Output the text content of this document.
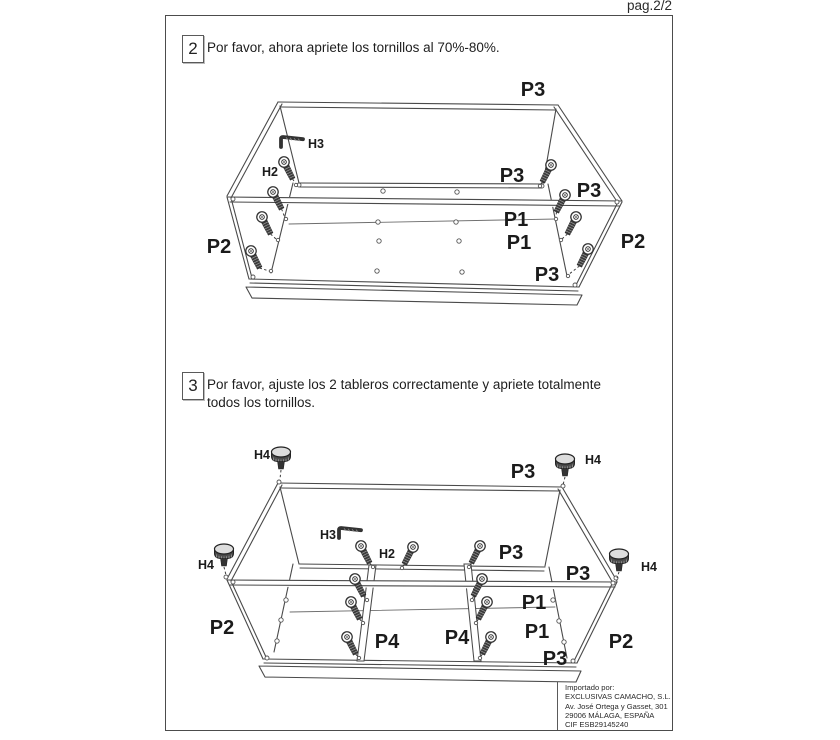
pag.2/2
2 Por favor, ahora apriete los tornillos al 70%-80%.
3 Por favor, ajuste los 2 tableros correctamente y apriete totalmente todos los tornillos.
P3
P3
P3
P1
P1
P2	P2
P3
H3
H2
P3
P3
P3
P1
P1
P2
P2
P4 P4
P3
H4	H4
H4	H4
H3
H2
Importado por:
EXCLUSIVAS CAMACHO, S.L.
Av. José Ortega y Gasset, 301
29006 MÁLAGA, ESPAÑA
CIF ESB29145240
